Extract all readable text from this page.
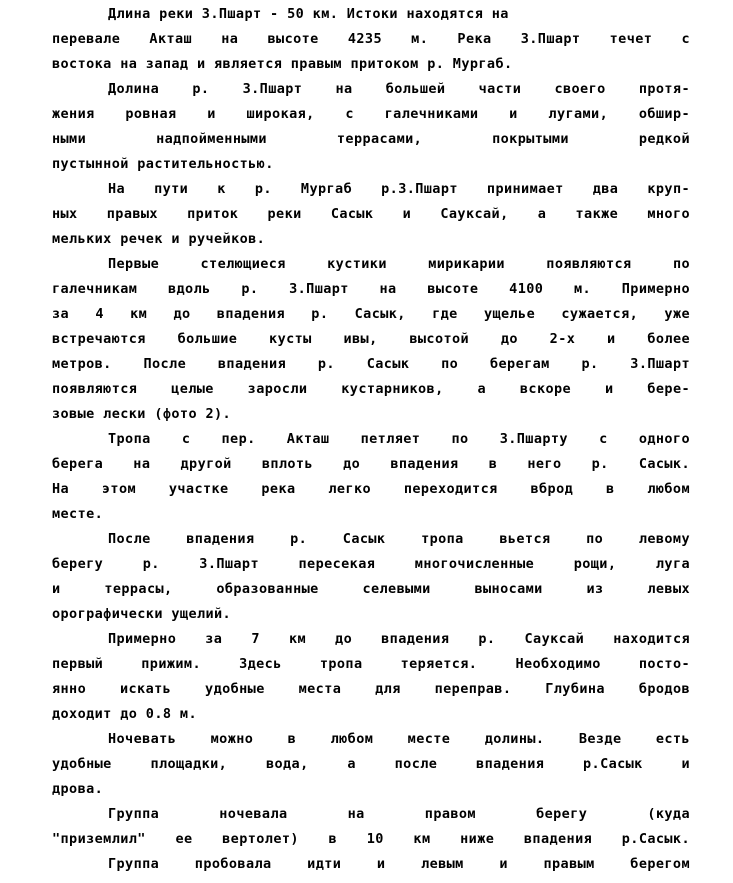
Длина реки З.Пшарт - 50 км. Истоки находятся на
перевале Акташ на высоте 4235 м. Река З.Пшарт течет с
востока на запад и является правым притоком р. Мургаб.
Долина р. З.Пшарт на большей части своего протя-
жения ровная и широкая, с галечниками и лугами, обшир-
ными надпойменными террасами, покрытыми редкой
пустынной растительностью.
На пути к р. Мургаб р.З.Пшарт принимает два круп-
ных правых приток реки Сасык и Сауксай, а также много
мельких речек и ручейков.
Первые стелющиеся кустики мирикарии появляются по
галечникам вдоль р. З.Пшарт на высоте 4100 м. Примерно
за 4 км до впадения р. Сасык, где ущелье сужается, уже
встречаются большие кусты ивы, высотой до 2-х и более
метров. После впадения р. Сасык по берегам р. З.Пшарт
появляются целые заросли кустарников, а вскоре и бере-
зовые лески (фото 2).
Тропа с пер. Акташ петляет по З.Пшарту с одного
берега на другой вплоть до впадения в него р. Сасык.
На этом участке река легко переходится вброд в любом
месте.
После впадения р. Сасык тропа вьется по левому
берегу р. З.Пшарт пересекая многочисленные рощи, луга
и террасы, образованные селевыми выносами из левых
орографически ущелий.
Примерно за 7 км до впадения р. Сауксай находится
первый прижим. Здесь тропа теряется. Необходимо посто-
янно искать удобные места для переправ. Глубина бродов
доходит до 0.8 м.
Ночевать можно в любом месте долины. Везде есть
удобные площадки, вода, а после впадения р.Сасык и
дрова.
Группа ночевала на правом берегу (куда
"приземлил" ее вертолет) в 10 км ниже впадения р.Сасык.
Группа пробовала идти и левым и правым берегом
